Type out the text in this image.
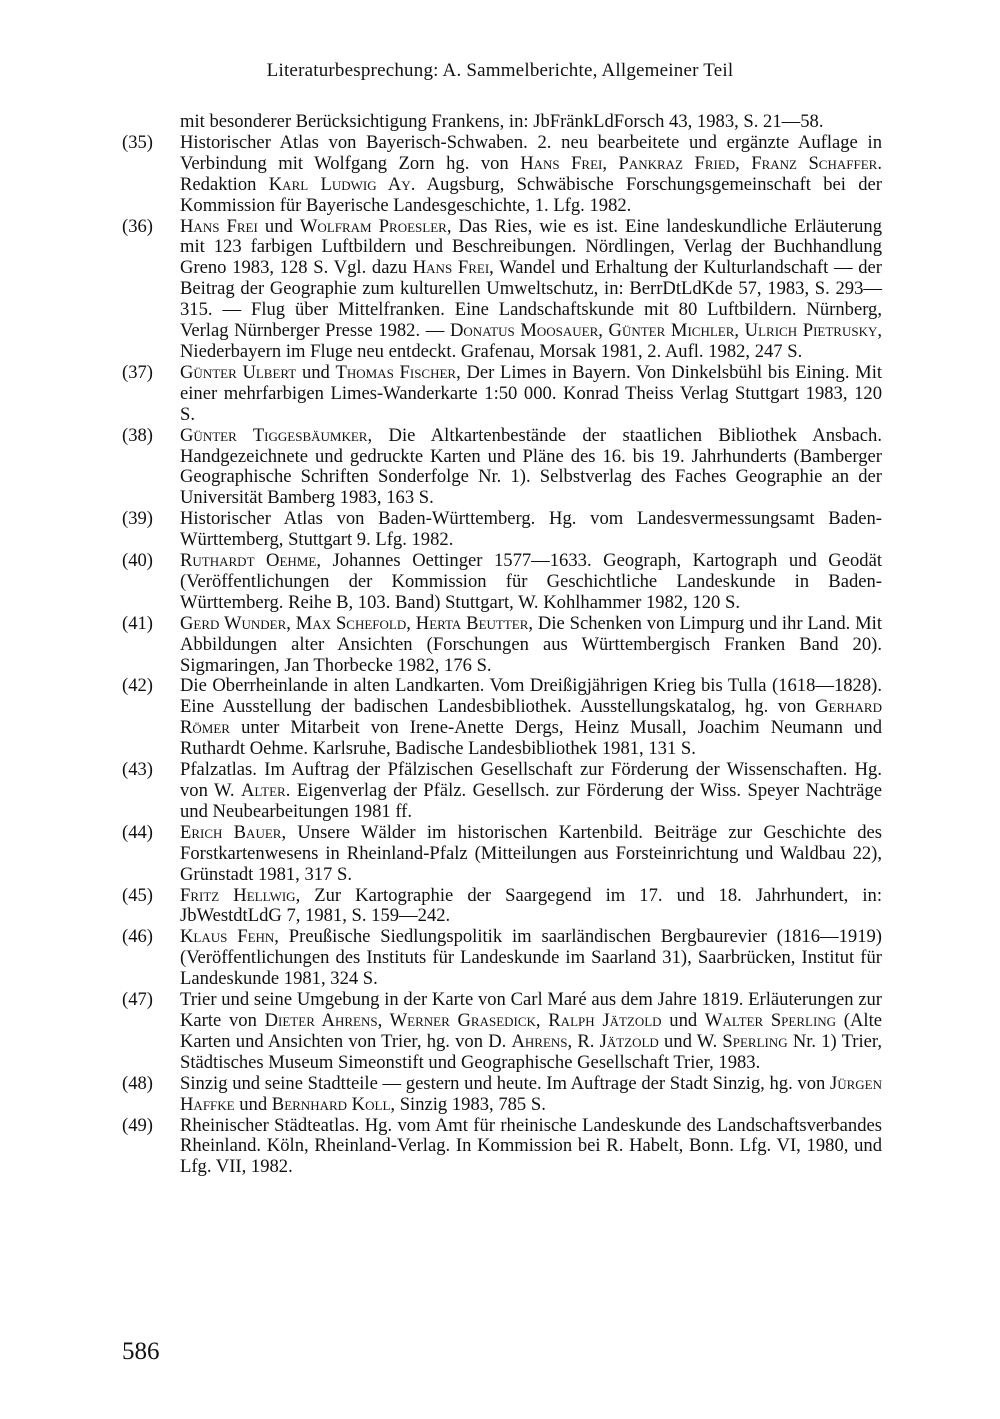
Literaturbesprechung: A. Sammelberichte, Allgemeiner Teil
mit besonderer Berücksichtigung Frankens, in: JbFränkLdForsch 43, 1983, S. 21—58.
(35) Historischer Atlas von Bayerisch-Schwaben. 2. neu bearbeitete und ergänzte Auflage in Verbindung mit Wolfgang Zorn hg. von Hans Frei, Pankraz Fried, Franz Schaffer. Redaktion Karl Ludwig Ay. Augsburg, Schwäbische Forschungsgemeinschaft bei der Kommission für Bayerische Landesgeschichte, 1. Lfg. 1982.
(36) Hans Frei und Wolfram Proesler, Das Ries, wie es ist. Eine landeskundliche Erläuterung mit 123 farbigen Luftbildern und Beschreibungen. Nördlingen, Verlag der Buchhandlung Greno 1983, 128 S. Vgl. dazu Hans Frei, Wandel und Erhaltung der Kulturlandschaft — der Beitrag der Geographie zum kulturellen Umweltschutz, in: BerrDtLdKde 57, 1983, S. 293—315. — Flug über Mittelfranken. Eine Landschaftskunde mit 80 Luftbildern. Nürnberg, Verlag Nürnberger Presse 1982. — Donatus Moosauer, Günter Michler, Ulrich Pietrusky, Niederbayern im Fluge neu entdeckt. Grafenau, Morsak 1981, 2. Aufl. 1982, 247 S.
(37) Günter Ulbert und Thomas Fischer, Der Limes in Bayern. Von Dinkelsbühl bis Eining. Mit einer mehrfarbigen Limes-Wanderkarte 1:50 000. Konrad Theiss Verlag Stuttgart 1983, 120 S.
(38) Günter Tiggesbäumker, Die Altkartenbestände der staatlichen Bibliothek Ansbach. Handgezeichnete und gedruckte Karten und Pläne des 16. bis 19. Jahrhunderts (Bamberger Geographische Schriften Sonderfolge Nr. 1). Selbstverlag des Faches Geographie an der Universität Bamberg 1983, 163 S.
(39) Historischer Atlas von Baden-Württemberg. Hg. vom Landesvermessungsamt Baden-Württemberg, Stuttgart 9. Lfg. 1982.
(40) Ruthardt Oehme, Johannes Oettinger 1577—1633. Geograph, Kartograph und Geodät (Veröffentlichungen der Kommission für Geschichtliche Landeskunde in Baden-Württemberg. Reihe B, 103. Band) Stuttgart, W. Kohlhammer 1982, 120 S.
(41) Gerd Wunder, Max Schefold, Herta Beutter, Die Schenken von Limpurg und ihr Land. Mit Abbildungen alter Ansichten (Forschungen aus Württembergisch Franken Band 20). Sigmaringen, Jan Thorbecke 1982, 176 S.
(42) Die Oberrheinlande in alten Landkarten. Vom Dreißigjährigen Krieg bis Tulla (1618—1828). Eine Ausstellung der badischen Landesbibliothek. Ausstellungskatalog, hg. von Gerhard Römer unter Mitarbeit von Irene-Anette Dergs, Heinz Musall, Joachim Neumann und Ruthardt Oehme. Karlsruhe, Badische Landesbibliothek 1981, 131 S.
(43) Pfalzatlas. Im Auftrag der Pfälzischen Gesellschaft zur Förderung der Wissenschaften. Hg. von W. Alter. Eigenverlag der Pfälz. Gesellsch. zur Förderung der Wiss. Speyer Nachträge und Neubearbeitungen 1981 ff.
(44) Erich Bauer, Unsere Wälder im historischen Kartenbild. Beiträge zur Geschichte des Forstkartenwesens in Rheinland-Pfalz (Mitteilungen aus Forsteinrichtung und Waldbau 22), Grünstadt 1981, 317 S.
(45) Fritz Hellwig, Zur Kartographie der Saargegend im 17. und 18. Jahrhundert, in: JbWestdtLdG 7, 1981, S. 159—242.
(46) Klaus Fehn, Preußische Siedlungspolitik im saarländischen Bergbaurevier (1816—1919) (Veröffentlichungen des Instituts für Landeskunde im Saarland 31), Saarbrücken, Institut für Landeskunde 1981, 324 S.
(47) Trier und seine Umgebung in der Karte von Carl Maré aus dem Jahre 1819. Erläuterungen zur Karte von Dieter Ahrens, Werner Grasedick, Ralph Jätzold und Walter Sperling (Alte Karten und Ansichten von Trier, hg. von D. Ahrens, R. Jätzold und W. Sperling Nr. 1) Trier, Städtisches Museum Simeonstift und Geographische Gesellschaft Trier, 1983.
(48) Sinzig und seine Stadtteile — gestern und heute. Im Auftrage der Stadt Sinzig, hg. von Jürgen Haffke und Bernhard Koll, Sinzig 1983, 785 S.
(49) Rheinischer Städteatlas. Hg. vom Amt für rheinische Landeskunde des Landschaftsverbandes Rheinland. Köln, Rheinland-Verlag. In Kommission bei R. Habelt, Bonn. Lfg. VI, 1980, und Lfg. VII, 1982.
586
